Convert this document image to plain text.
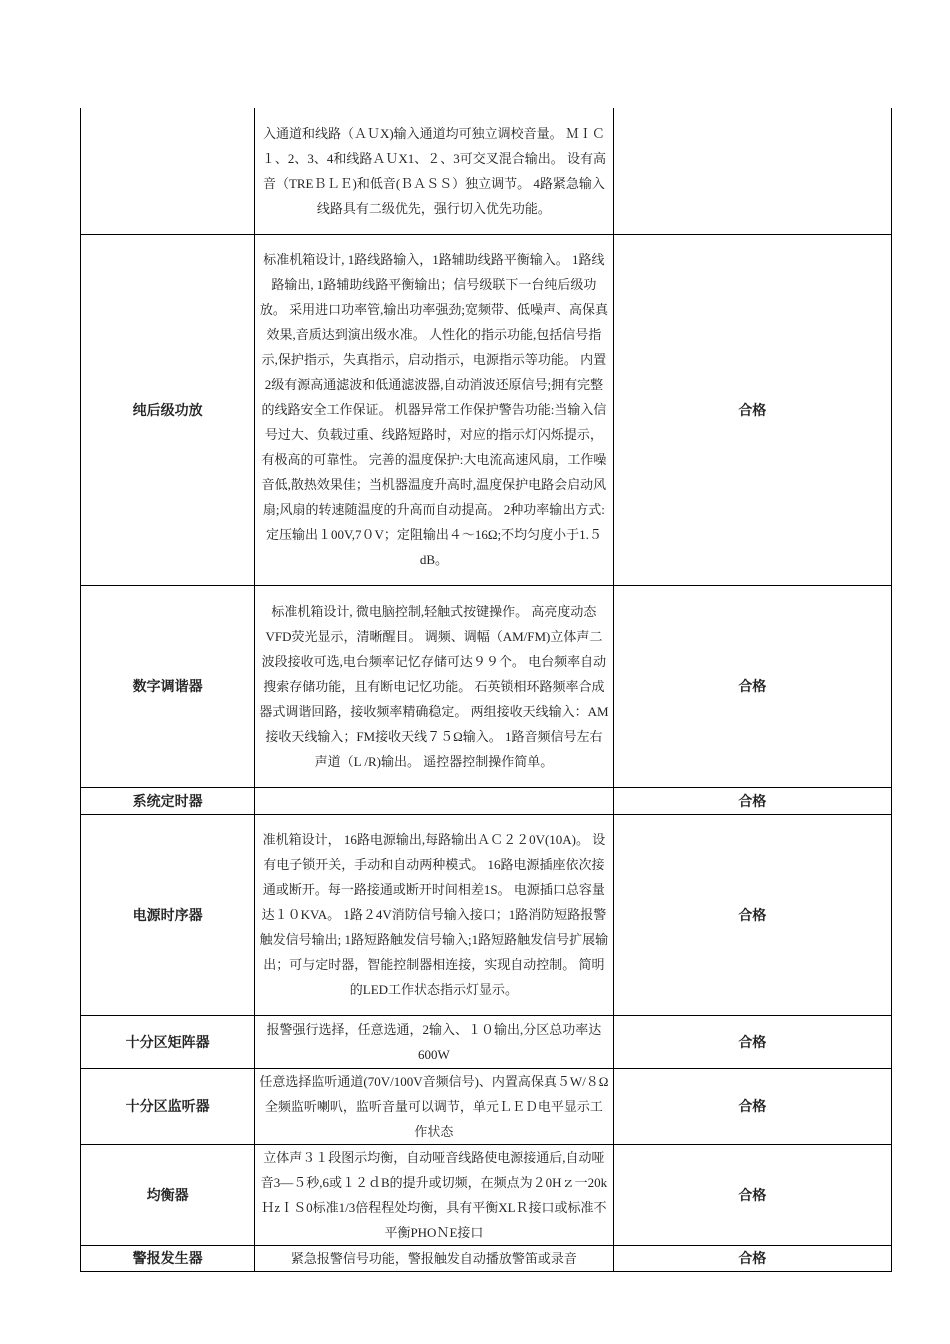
	入通道和线路（ＡＵX)输入通道均可独立调校音量。 ＭＩＣ１、2、3、4和线路ＡＵX1、２、3可交叉混合输出。 设有高音（TREＢＬＥ)和低音(ＢＡＳＳ）独立调节。 4路紧急输入线路具有二级优先，强行切入优先功能。	
纯后级功放	标准机箱设计, 1路线路输入，1路辅助线路平衡输入。 1路线路输出, 1路辅助线路平衡输出；信号级联下一台纯后级功放。 采用进口功率管,输出功率强劲;宽频带、低噪声、高保真效果,音质达到演出级水准。 人性化的指示功能,包括信号指示,保护指示，失真指示，启动指示，电源指示等功能。 内置2级有源高通滤波和低通滤波器,自动消波还原信号;拥有完整的线路安全工作保证。 机器异常工作保护警告功能:当输入信号过大、负载过重、线路短路时，对应的指示灯闪烁提示，有极高的可靠性。 完善的温度保护:大电流高速风扇，工作噪音低,散热效果佳；当机器温度升高时,温度保护电路会启动风扇;风扇的转速随温度的升高而自动提高。 2种功率输出方式:定压输出１00V,7０V；定阻输出４～16Ω;不均匀度小于1.５dB。	合格
数字调谐器	标准机箱设计, 微电脑控制,轻触式按键操作。 高亮度动态VFD荧光显示，清晰醒目。 调频、调幅（AM/FM)立体声二波段接收可选,电台频率记忆存储可达９９个。 电台频率自动搜索存储功能，且有断电记忆功能。 石英锁相环路频率合成器式调谐回路，接收频率精确稳定。 两组接收天线输入：AM接收天线输入；FM接收天线７５Ω输入。 1路音频信号左右声道（L /R)输出。 遥控器控制操作简单。	合格
系统定时器		合格
电源时序器	准机箱设计， 16路电源输出,每路输出ＡＣ２２0V(10A)。 设有电子锁开关，手动和自动两种模式。 16路电源插座依次接通或断开。每一路接通或断开时间相差1S。 电源插口总容量达１０KVA。 1路２4V消防信号输入接口；1路消防短路报警触发信号输出; 1路短路触发信号输入;1路短路触发信号扩展输出；可与定时器，智能控制器相连接，实现自动控制。 简明的LED工作状态指示灯显示。	合格
十分区矩阵器	报警强行选择，任意选通，2输入、１０输出,分区总功率达600W	合格
十分区监听器	任意选择监听通道(70V/100V音频信号)、内置高保真５W/８Ω全频监听喇叭，监听音量可以调节，单元ＬＥＤ电平显示工作状态	合格
均衡器	立体声３１段图示均衡，自动哑音线路使电源接通后,自动哑音3—５秒,6或１２ｄB的提升或切频，在频点为２0Hｚ一20kＨzＩＳ0标准1/3倍程程处均衡，具有平衡XLＲ接口或标准不平衡PHOＮE接口	合格
警报发生器	紧急报警信号功能，警报触发自动播放警笛或录音	合格
